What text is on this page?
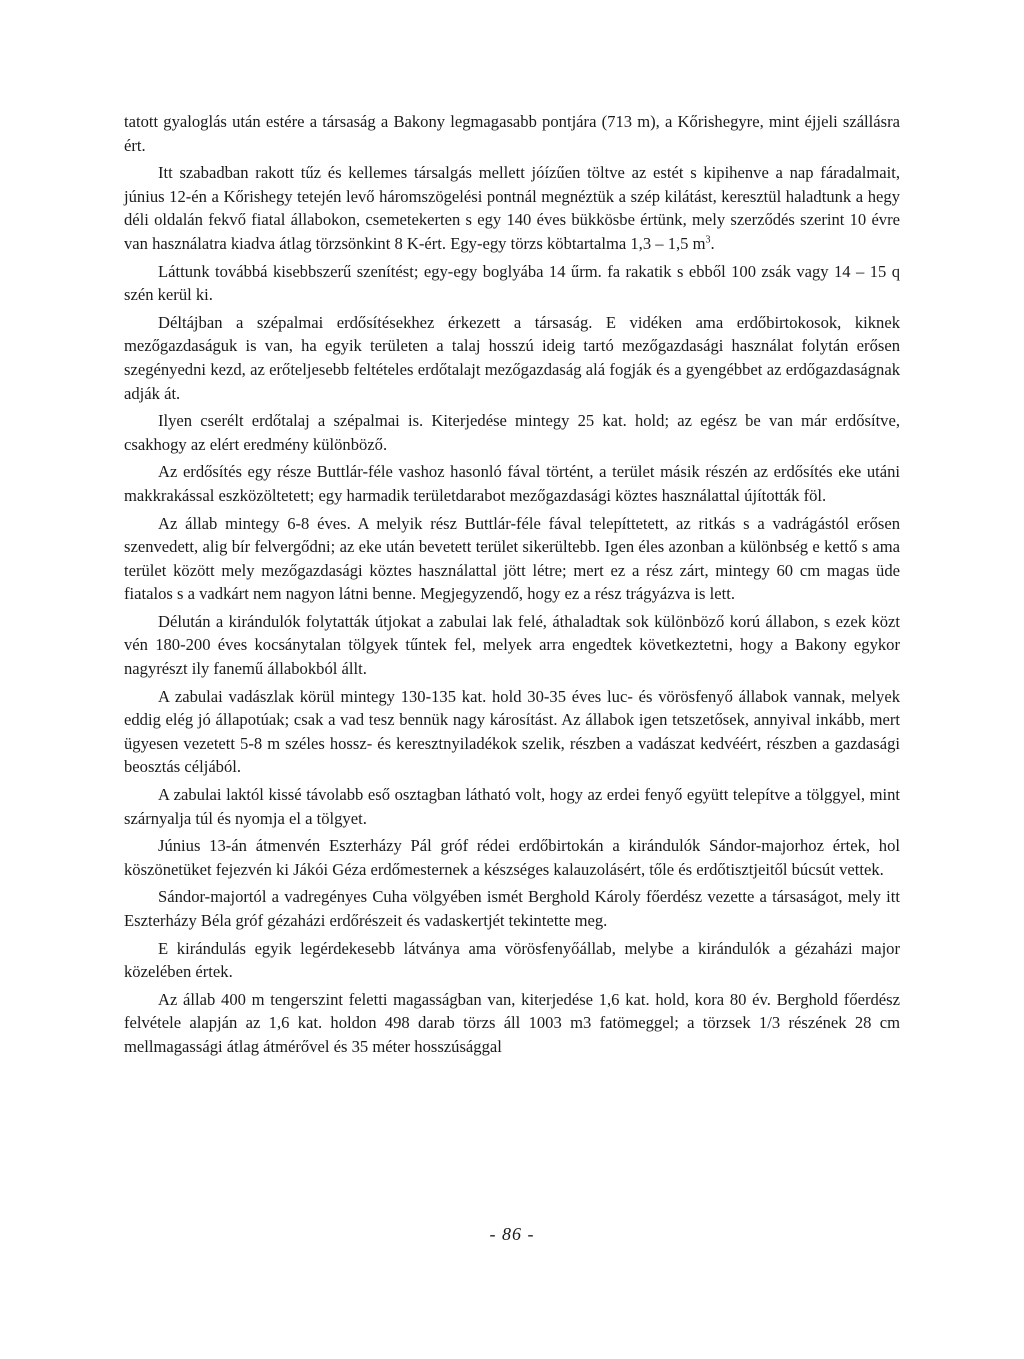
tatott gyaloglás után estére a társaság a Bakony legmagasabb pontjára (713 m), a Kőrishegyre, mint éjjeli szállásra ért.

Itt szabadban rakott tűz és kellemes társalgás mellett jóízűen töltve az estét s kipihenve a nap fáradalmait, június 12-én a Kőrishegy tetején levő háromszögelési pontnál megnéztük a szép kilátást, keresztül haladtunk a hegy déli oldalán fekvő fiatal állabokon, csemetekerten s egy 140 éves bükkösbe értünk, mely szerződés szerint 10 évre van használatra kiadva átlag törzsönkint 8 K-ért. Egy-egy törzs köbtartalma 1,3 – 1,5 $m^3$.

Láttunk továbbá kisebbszerű szenítést; egy-egy boglyába 14 űrm. fa rakatik s ebből 100 zsák vagy 14 – 15 q szén kerül ki.

Déltájban a szépalmai erdősítésekhez érkezett a társaság. E vidéken ama erdőbirtokosok, kiknek mezőgazdaságuk is van, ha egyik területen a talaj hosszú ideig tartó mezőgazdasági használat folytán erősen szegényedni kezd, az erőteljesebb feltételes erdőtalajt mezőgazdaság alá fogják és a gyengébbet az erdőgazdaságnak adják át.

Ilyen cserélt erdőtalaj a szépalmai is. Kiterjedése mintegy 25 kat. hold; az egész be van már erdősítve, csakhogy az elért eredmény különböző.

Az erdősítés egy része Buttlár-féle vashoz hasonló fával történt, a terület másik részén az erdősítés eke utáni makkrakással eszközöltetett; egy harmadik területdarabot mezőgazdasági köztes használattal újították föl.

Az állab mintegy 6-8 éves. A melyik rész Buttlár-féle fával telepíttetett, az ritkás s a vadrágástól erősen szenvedett, alig bír felvergődni; az eke után bevetett terület sikerültebb. Igen éles azonban a különbség e kettő s ama terület között mely mezőgazdasági köztes használattal jött létre; mert ez a rész zárt, mintegy 60 cm magas üde fiatalos s a vadkárt nem nagyon látni benne. Megjegyzendő, hogy ez a rész trágyázva is lett.

Délután a kirándulók folytatták útjokat a zabulai lak felé, áthaladtak sok különböző korú állabon, s ezek közt vén 180-200 éves kocsánytalan tölgyek tűntek fel, melyek arra engedtek következtetni, hogy a Bakony egykor nagyrészt ily fanemű állabokból állt.

A zabulai vadászlak körül mintegy 130-135 kat. hold 30-35 éves luc- és vörösfenyő állabok vannak, melyek eddig elég jó állapotúak; csak a vad tesz bennük nagy károsítást. Az állabok igen tetszetősek, annyival inkább, mert ügyesen vezetett 5-8 m széles hossz- és keresztnyiladékok szelik, részben a vadászat kedvéért, részben a gazdasági beosztás céljából.

A zabulai laktól kissé távolabb eső osztagban látható volt, hogy az erdei fenyő együtt telepítve a tölggyel, mint szárnyalja túl és nyomja el a tölgyet.

Június 13-án átmenvén Eszterházy Pál gróf rédei erdőbirtokán a kirándulók Sándor-majorhoz értek, hol köszönetüket fejezvén ki Jákói Géza erdőmesternek a készséges kalauzolásért, tőle és erdőtisztjeitől búcsút vettek.

Sándor-majortól a vadregényes Cuha völgyében ismét Berghold Károly főerdész vezette a társaságot, mely itt Eszterházy Béla gróf gézaházi erdőrészeit és vadaskertjét tekintette meg.

E kirándulás egyik legérdekesebb látványa ama vörösfenyőállab, melybe a kirándulók a gézaházi major közelében értek.

Az állab 400 m tengerszint feletti magasságban van, kiterjedése 1,6 kat. hold, kora 80 év. Berghold főerdész felvétele alapján az 1,6 kat. holdon 498 darab törzs áll 1003 m3 fatömeggel; a törzsek 1/3 részének 28 cm mellmagassági átlag átmérővel és 35 méter hosszúsággal

- 86 -
